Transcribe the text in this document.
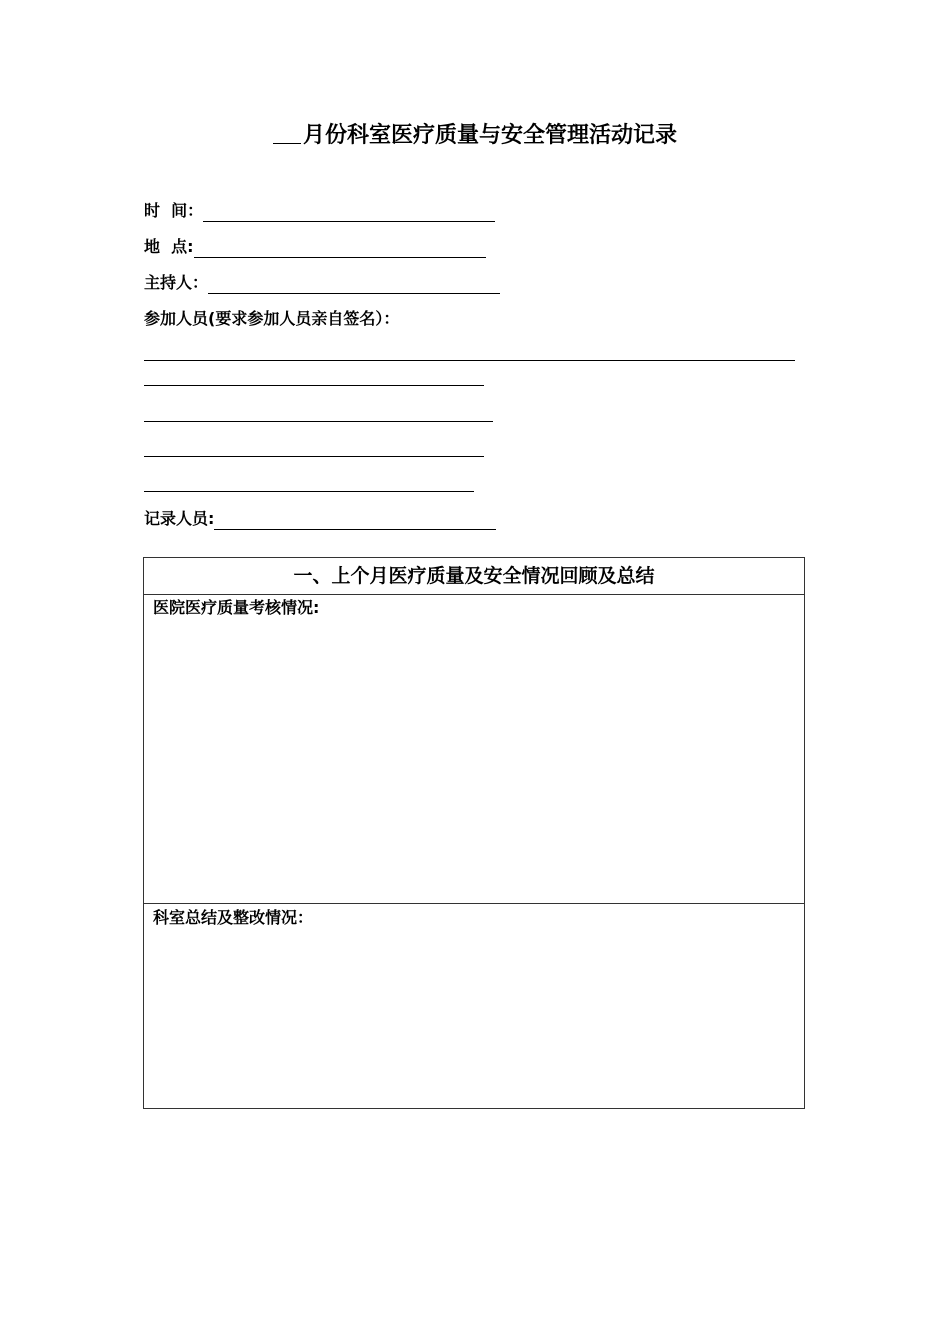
月份科室医疗质量与安全管理活动记录
时  间：
地  点:
主持人：
参加人员(要求参加人员亲自签名）：
记录人员:
一、上个月医疗质量及安全情况回顾及总结
医院医疗质量考核情况:
科室总结及整改情况：
